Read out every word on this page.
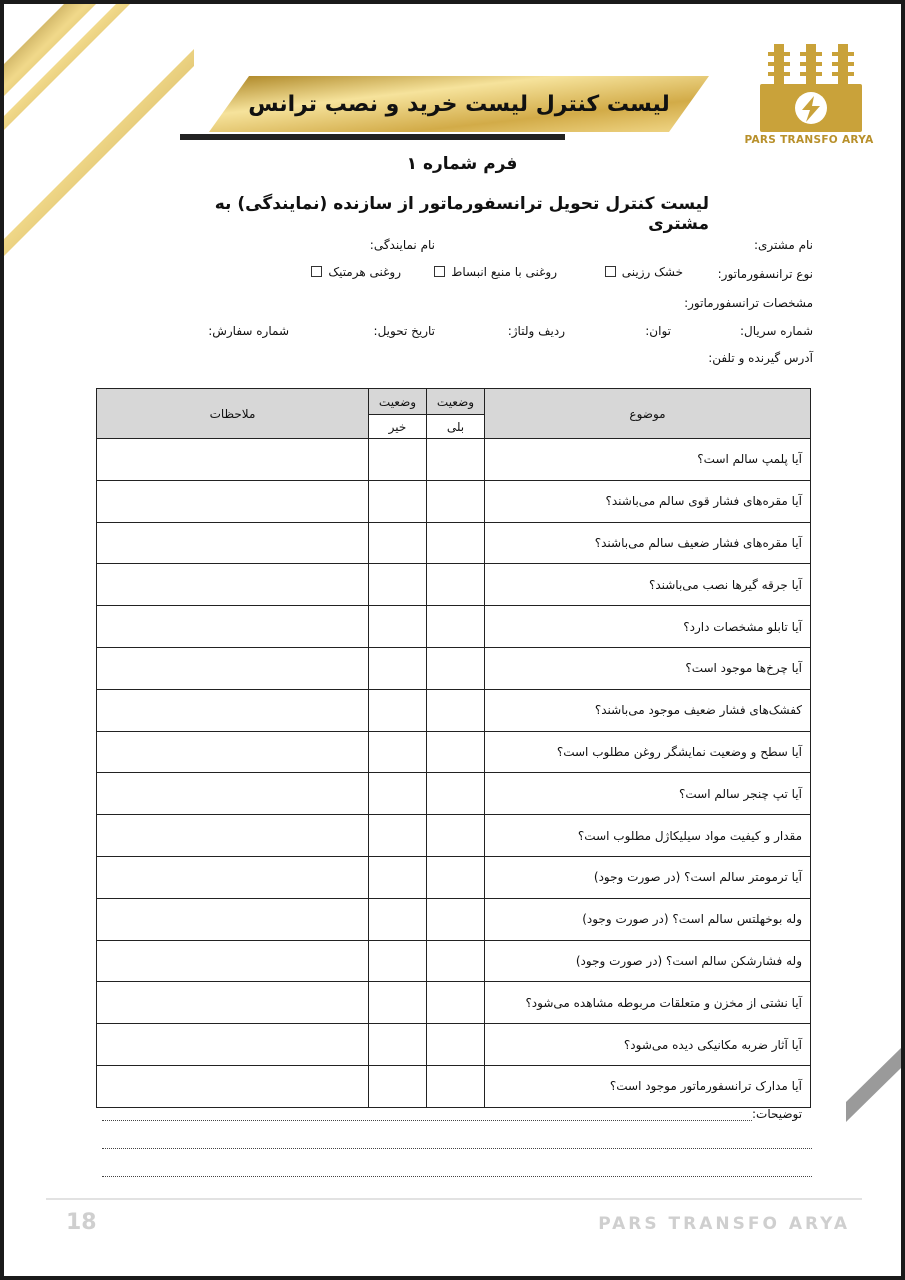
لیست کنترل لیست خرید و نصب ترانس
PARS TRANSFO ARYA
فرم شماره ۱
لیست کنترل تحویل ترانسفورماتور از سازنده (نمایندگی) به مشتری
نام مشتری:
نام نمایندگی:
نوع ترانسفورماتور:
خشک رزینی
روغنی با منبع انبساط
روغنی هرمتیک
مشخصات ترانسفورماتور:
شماره سریال:
توان:
ردیف ولتاژ:
تاریخ تحویل:
شماره سفارش:
آدرس گیرنده و تلفن:
موضوع	وضعیت	وضعیت	ملاحظات
	بلی	خیر	
آیا پلمپ سالم است؟			
آیا مقره‌های فشار قوی سالم می‌باشند؟			
آیا مقره‌های فشار ضعیف سالم می‌باشند؟			
آیا جرقه گیرها نصب می‌باشند؟			
آیا تابلو مشخصات دارد؟			
آیا چرخ‌ها موجود است؟			
کفشک‌های فشار ضعیف موجود می‌باشند؟			
آیا سطح و وضعیت نمایشگر روغن مطلوب است؟			
آیا تپ چنجر سالم است؟			
مقدار و کیفیت مواد سیلیکاژل مطلوب است؟			
آیا ترمومتر سالم است؟ (در صورت وجود)			
وله بوخهلتس سالم است؟ (در صورت وجود)			
وله فشارشکن سالم است؟ (در صورت وجود)			
آیا نشتی از مخزن و متعلقات مربوطه مشاهده می‌شود؟			
آیا آثار ضربه مکانیکی دیده می‌شود؟			
آیا مدارک ترانسفورماتور موجود است؟			
توضیحات:
18	PARS TRANSFO ARYA
